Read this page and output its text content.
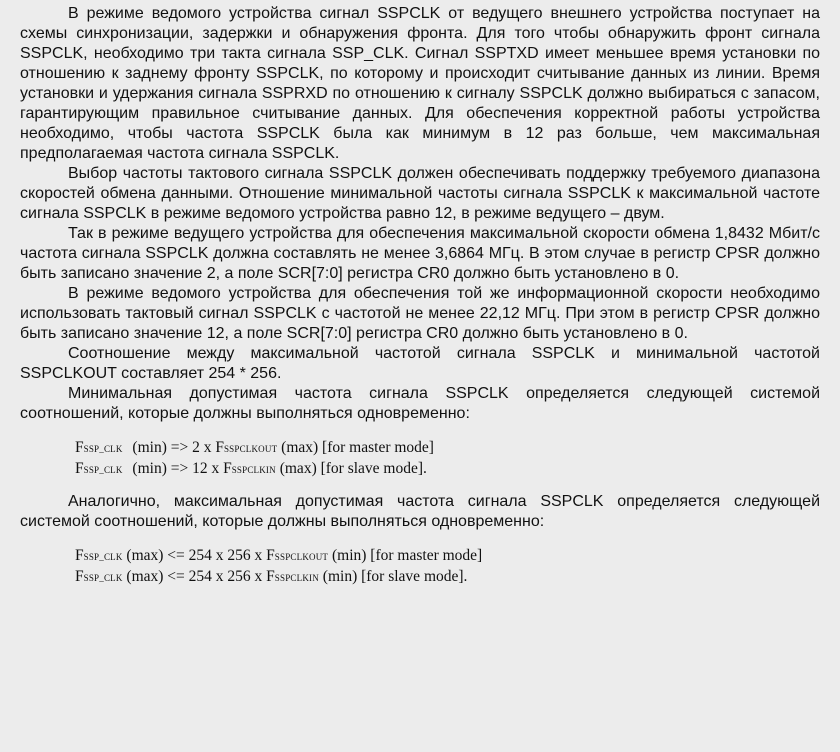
В режиме ведомого устройства сигнал SSPCLK от ведущего внешнего устройства поступает на схемы синхронизации, задержки и обнаружения фронта. Для того чтобы обнаружить фронт сигнала SSPCLK, необходимо три такта сигнала SSP_CLK. Сигнал SSPTXD имеет меньшее время установки по отношению к заднему фронту SSPCLK, по которому и происходит считывание данных из линии. Время установки и удержания сигнала SSPRXD по отношению к сигналу SSPCLK должно выбираться с запасом, гарантирующим правильное считывание данных. Для обеспечения корректной работы устройства необходимо, чтобы частота SSPCLK была как минимум в 12 раз больше, чем максимальная предполагаемая частота сигнала SSPCLK.

Выбор частоты тактового сигнала SSPCLK должен обеспечивать поддержку требуемого диапазона скоростей обмена данными. Отношение минимальной частоты сигнала SSPCLK к максимальной частоте сигнала SSPCLK в режиме ведомого устройства равно 12, в режиме ведущего – двум.

Так в режиме ведущего устройства для обеспечения максимальной скорости обмена 1,8432 Мбит/с частота сигнала SSPCLK должна составлять не менее 3,6864 МГц. В этом случае в регистр CPSR должно быть записано значение 2, а поле SCR[7:0] регистра CR0 должно быть установлено в 0.

В режиме ведомого устройства для обеспечения той же информационной скорости необходимо использовать тактовый сигнал SSPCLK с частотой не менее 22,12 МГц. При этом в регистр CPSR должно быть записано значение 12, а поле SCR[7:0] регистра CR0 должно быть установлено в 0.

Соотношение между максимальной частотой сигнала SSPCLK и минимальной частотой SSPCLKOUT составляет 254 * 256.

Минимальная допустимая частота сигнала SSPCLK определяется следующей системой соотношений, которые должны выполняться одновременно:

FSSP_CLK (min) => 2 x FSSPCLKOUT (max) [for master mode]

FSSP_CLK (min) => 12 x FSSPCLKIN (max) [for slave mode].

Аналогично, максимальная допустимая частота сигнала SSPCLK определяется следующей системой соотношений, которые должны выполняться одновременно:

FSSP_CLK (max) <= 254 x 256 x FSSPCLKOUT (min) [for master mode]

FSSP_CLK (max) <= 254 x 256 x FSSPCLKIN (min) [for slave mode].
